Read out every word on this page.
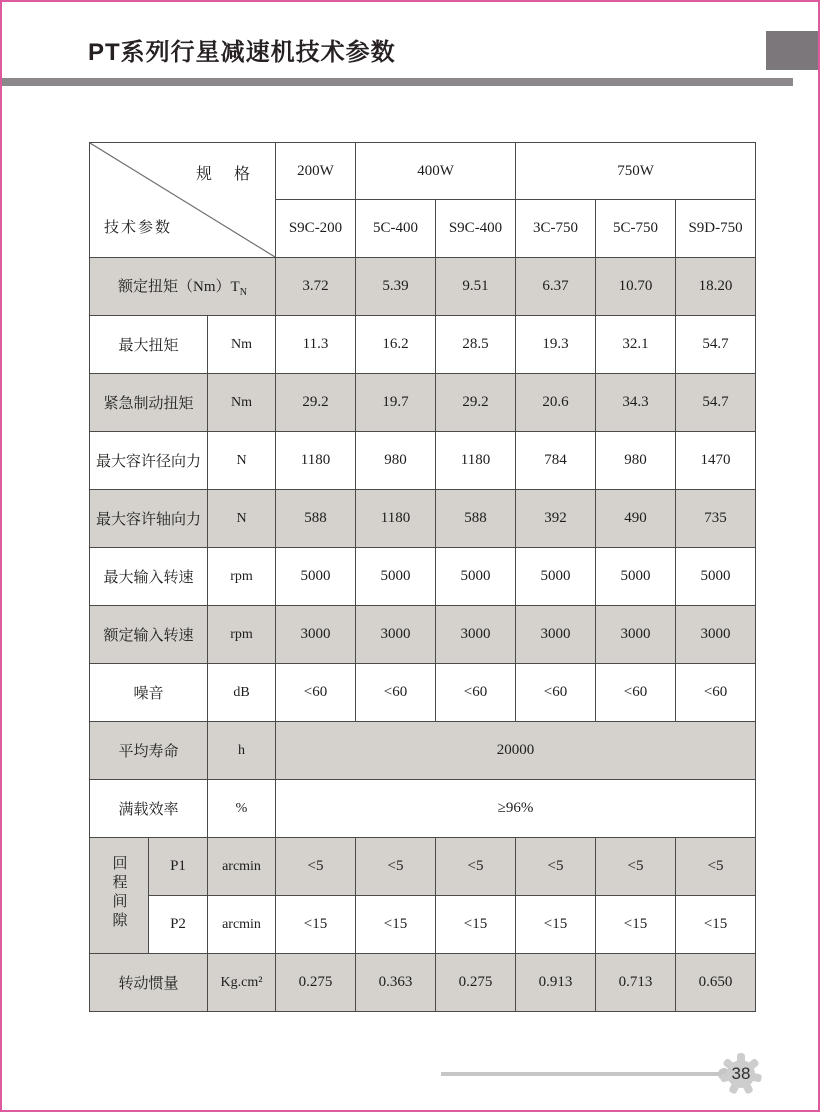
PT系列行星减速机技术参数
规 格
技术参数			200W	400W		750W		
			S9C-200	5C-400	S9C-400	3C-750	5C-750	S9D-750
额定扭矩$(Nm)T_N$			3.72	5.39	9.51	6.37	10.70	18.20
最大扭矩		Nm	11.3	16.2	28.5	19.3	32.1	54.7
紧急制动扭矩		Nm	29.2	19.7	29.2	20.6	34.3	54.7
最大容许径向力		N	1180	980	1180	784	980	1470
最大容许轴向力		N	588	1180	588	392	490	735
最大输入转速		rpm	5000	5000	5000	5000	5000	5000
额定输入转速		rpm	3000	3000	3000	3000	3000	3000
噪音		dB	<60	<60	<60	<60	<60	<60
平均寿命		h	20000					
满载效率		%	≥96%					
回程间隙	P1	arcmin	<5	<5	<5	<5	<5	<5
	P2	arcmin	<15	<15	<15	<15	<15	<15
转动惯量		Kg.cm²	0.275	0.363	0.275	0.913	0.713	0.650
38
